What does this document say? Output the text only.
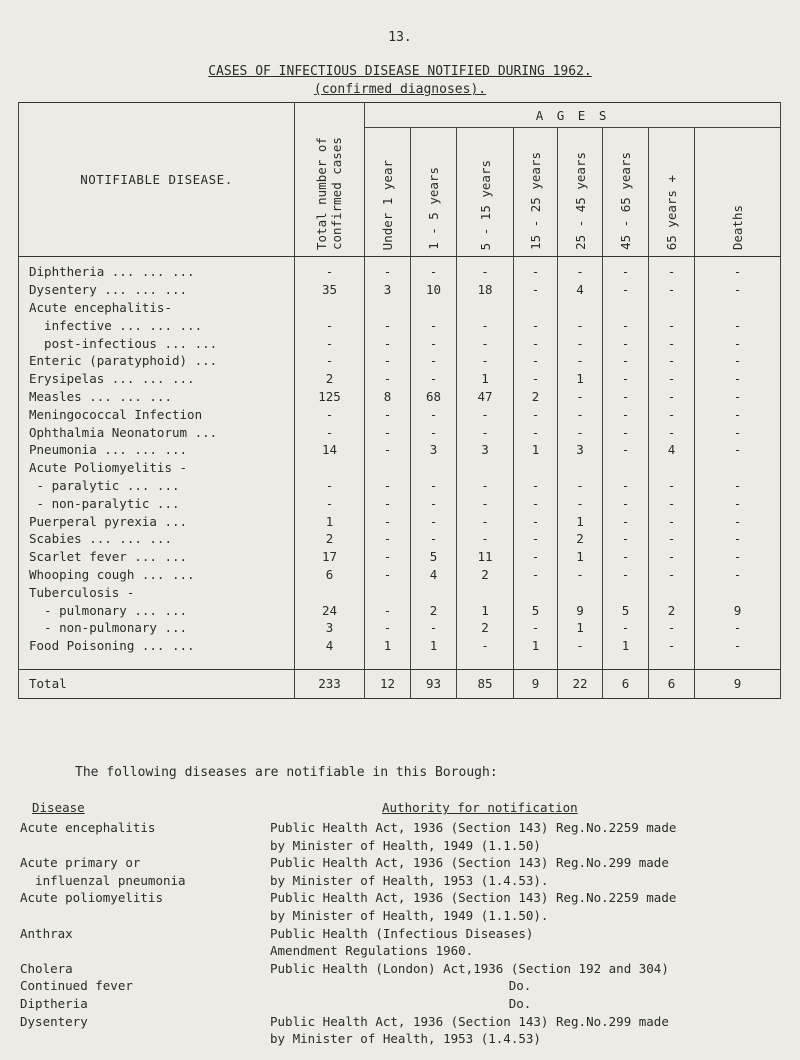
13.
CASES OF INFECTIOUS DISEASE NOTIFIED DURING 1962.
(confirmed diagnoses).
NOTIFIABLE DISEASE.	Total number of confirmed cases	A G E S							

		Under 1 year	1 - 5 years	5 - 15 years	15 - 25 years	25 - 45 years	45 - 65 years	65 years +	Deaths

Diphtheria ... ... ...	-	-	-	-	-	-	-	-	-
Dysentery ... ... ...	35	3	10	18	-	4	-	-	-
Acute encephalitis-									
infective ... ... ...	-	-	-	-	-	-	-	-	-
post-infectious ... ...	-	-	-	-	-	-	-	-	-
Enteric (paratyphoid) ...	-	-	-	-	-	-	-	-	-
Erysipelas ... ... ...	2	-	-	1	-	1	-	-	-
Measles ... ... ...	125	8	68	47	2	-	-	-	-
Meningococcal Infection	-	-	-	-	-	-	-	-	-
Ophthalmia Neonatorum ...	-	-	-	-	-	-	-	-	-
Pneumonia ... ... ...	14	-	3	3	1	3	-	4	-
Acute Poliomyelitis -									
- paralytic ... ...	-	-	-	-	-	-	-	-	-
- non-paralytic ...	-	-	-	-	-	-	-	-	-
Puerperal pyrexia ...	1	-	-	-	-	1	-	-	-
Scabies ... ... ...	2	-	-	-	-	2	-	-	-
Scarlet fever ... ...	17	-	5	11	-	1	-	-	-
Whooping cough ... ...	6	-	4	2	-	-	-	-	-
Tuberculosis -									
- pulmonary ... ...	24	-	2	1	5	9	5	2	9
- non-pulmonary ...	3	-	-	2	-	1	-	-	-
Food Poisoning ... ...	4	1	1	-	1	-	1	-	-

Total	233	12	93	85	9	22	6	6	9
The following diseases are notifiable in this Borough:
Disease	Authority for notification
Acute encephalitis	Public Health Act, 1936 (Section 143) Reg.No.2259 made
by Minister of Health, 1949 (1.1.50)
Acute primary or	Public Health Act, 1936 (Section 143) Reg.No.299 made
influenzal pneumonia	by Minister of Health, 1953 (1.4.53).
Acute poliomyelitis	Public Health Act, 1936 (Section 143) Reg.No.2259 made
by Minister of Health, 1949 (1.1.50).
Anthrax	Public Health (Infectious Diseases)
Amendment Regulations 1960.
Cholera	Public Health (London) Act,1936 (Section 192 and 304)
Continued fever	Do.
Diptheria	Do.
Dysentery	Public Health Act, 1936 (Section 143) Reg.No.299 made
by Minister of Health, 1953 (1.4.53)
